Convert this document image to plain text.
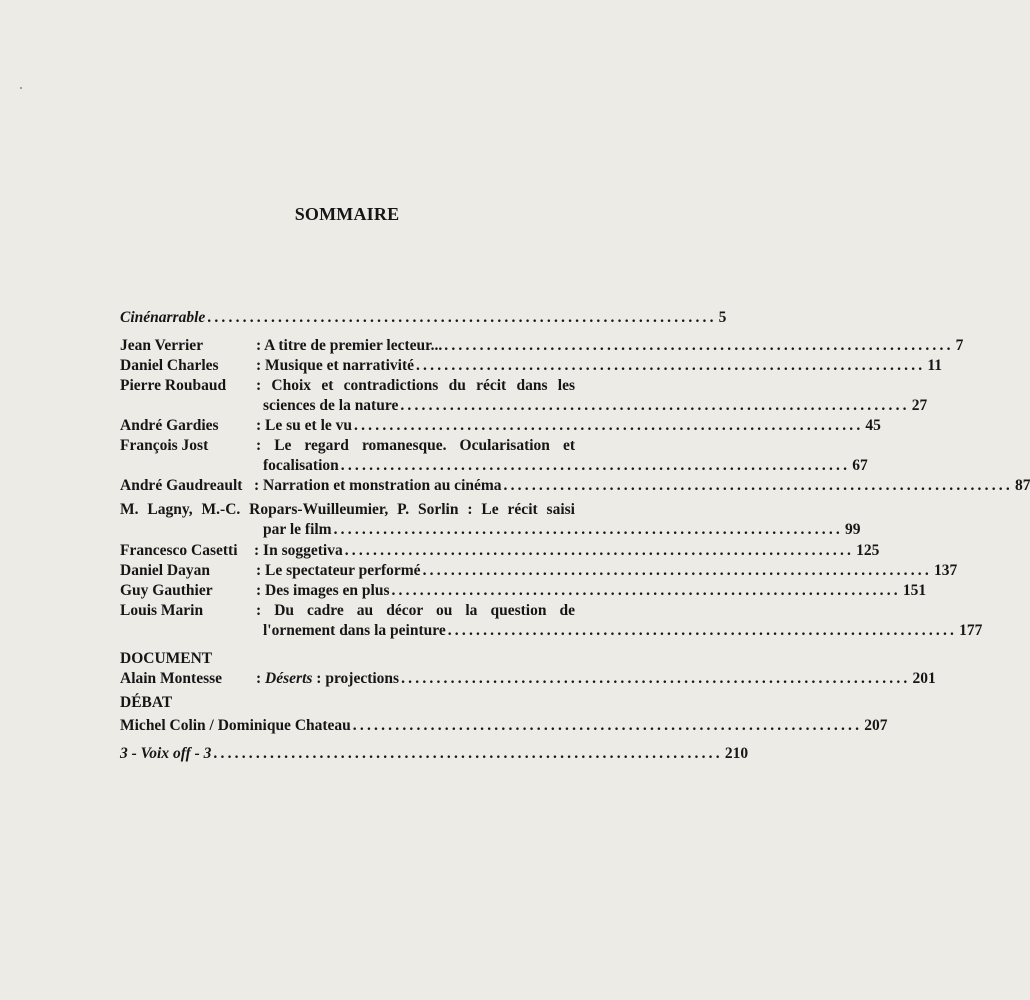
SOMMAIRE
Cinénarrable ........................................................................ 5
Jean Verrier	: A titre de premier lecteur... ........................................................................ 7
Daniel Charles	: Musique et narrativité ........................................................................ 11
Pierre Roubaud	: Choix et contradictions du récit dans les
sciences de la nature ........................................................................ 27
André Gardies	: Le su et le vu ........................................................................ 45
François Jost	: Le regard romanesque. Ocularisation et
focalisation ........................................................................ 67
André Gaudreault : Narration et monstration au cinéma ........................................................................ 87
M. Lagny, M.-C. Ropars-Wuilleumier, P. Sorlin : Le récit saisi
par le film ........................................................................ 99
Francesco Casetti	: In soggetiva ........................................................................ 125
Daniel Dayan	: Le spectateur performé ........................................................................ 137
Guy Gauthier	: Des images en plus ........................................................................ 151
Louis Marin	: Du cadre au décor ou la question de
l'ornement dans la peinture ........................................................................ 177
DOCUMENT
Alain Montesse	: Déserts : projections ........................................................................ 201
DÉBAT
Michel Colin / Dominique Chateau ........................................................................ 207
3 - Voix off - 3 ........................................................................ 210
